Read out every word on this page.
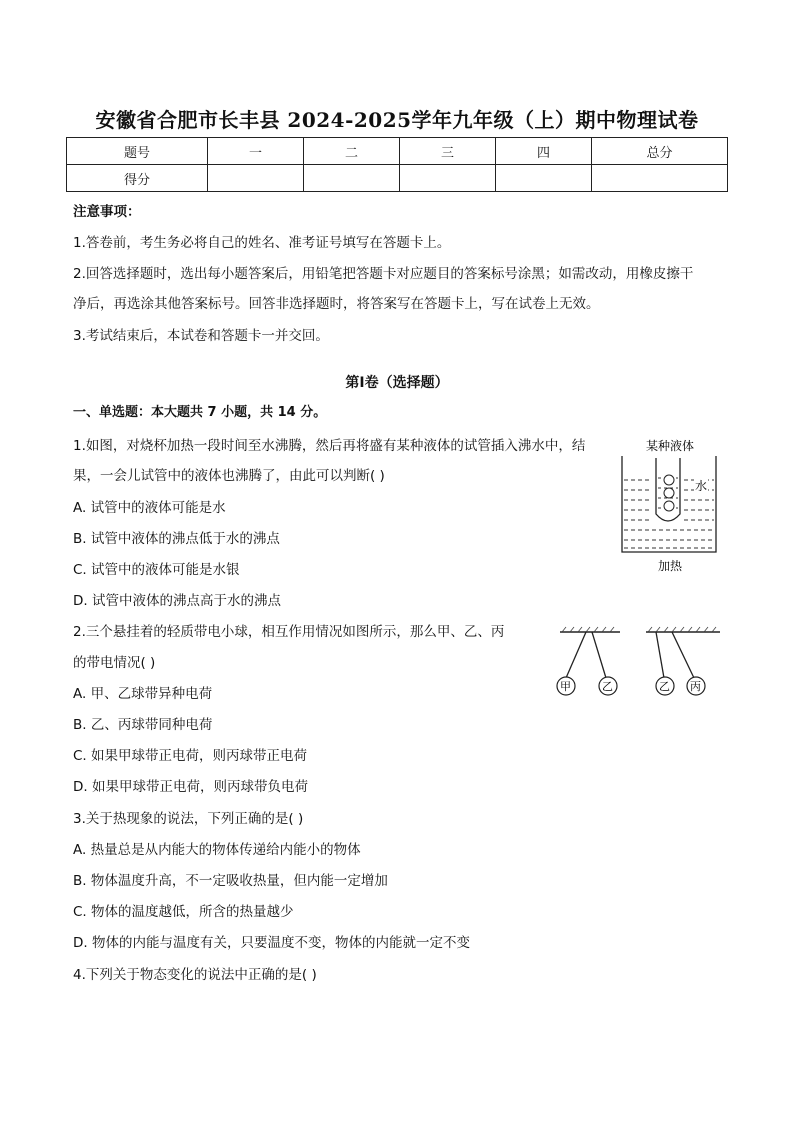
安徽省合肥市长丰县 2024-2025学年九年级（上）期中物理试卷
题号	一	二	三	四	总分
得分					
注意事项：
1.答卷前，考生务必将自己的姓名、准考证号填写在答题卡上。
2.回答选择题时，选出每小题答案后，用铅笔把答题卡对应题目的答案标号涂黑；如需改动，用橡皮擦干
净后，再选涂其他答案标号。回答非选择题时，将答案写在答题卡上，写在试卷上无效。
3.考试结束后，本试卷和答题卡一并交回。
第I卷（选择题）
一、单选题：本大题共 7 小题，共 14 分。
1.如图，对烧杯加热一段时间至水沸腾，然后再将盛有某种液体的试管插入沸水中，结
果，一会儿试管中的液体也沸腾了，由此可以判断( )
A. 试管中的液体可能是水
B. 试管中液体的沸点低于水的沸点
C. 试管中的液体可能是水银
D. 试管中液体的沸点高于水的沸点
某种液体
水
加热
2.三个悬挂着的轻质带电小球，相互作用情况如图所示，那么甲、乙、丙
的带电情况( )
A. 甲、乙球带异种电荷
B. 乙、丙球带同种电荷
C. 如果甲球带正电荷，则丙球带正电荷
D. 如果甲球带正电荷，则丙球带负电荷
甲	乙	乙 丙
3.关于热现象的说法，下列正确的是( )
A. 热量总是从内能大的物体传递给内能小的物体
B. 物体温度升高，不一定吸收热量，但内能一定增加
C. 物体的温度越低，所含的热量越少
D. 物体的内能与温度有关，只要温度不变，物体的内能就一定不变
4.下列关于物态变化的说法中正确的是( )
